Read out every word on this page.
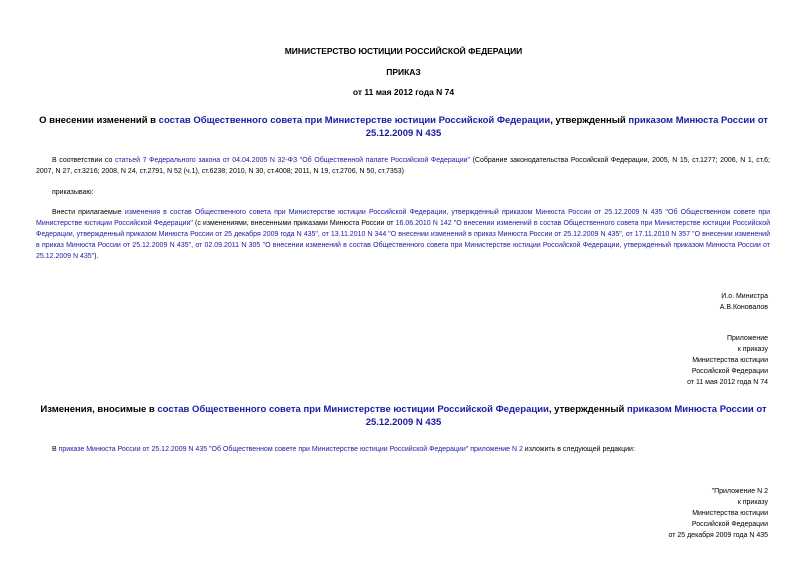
МИНИСТЕРСТВО ЮСТИЦИИ РОССИЙСКОЙ ФЕДЕРАЦИИ
ПРИКАЗ
от 11 мая 2012 года N 74
О внесении изменений в состав Общественного совета при Министерстве юстиции Российской Федерации, утвержденный приказом Минюста России от 25.12.2009 N 435
В соответствии со статьей 7 Федерального закона от 04.04.2005 N 32-ФЗ "Об Общественной палате Российской Федерации" (Собрание законодательства Российской Федерации, 2005, N 15, ст.1277; 2006, N 1, ст.6; 2007, N 27, ст.3216; 2008, N 24, ст.2791, N 52 (ч.1), ст.6238; 2010, N 30, ст.4008; 2011, N 19, ст.2706, N 50, ст.7353)
приказываю:
Внести прилагаемые изменения в состав Общественного совета при Министерстве юстиции Российской Федерации, утвержденный приказом Минюста России от 25.12.2009 N 435 "Об Общественном совете при Министерстве юстиции Российской Федерации" (с изменениями, внесенными приказами Минюста России от 16.06.2010 N 142 "О внесении изменений в состав Общественного совета при Министерстве юстиции Российской Федерации, утвержденный приказом Минюста России от 25 декабря 2009 года N 435", от 13.11.2010 N 344 "О внесении изменений в приказ Минюста России от 25.12.2009 N 435", от 17.11.2010 N 357 "О внесении изменений в приказ Минюста России от 25.12.2009 N 435", от 02.09.2011 N 305 "О внесении изменений в состав Общественного совета при Министерстве юстиции Российской Федерации, утвержденный приказом Минюста России от 25.12.2009 N 435").
И.о. Министра
А.В.Коновалов
Приложение
к приказу
Министерства юстиции
Российской Федерации
от 11 мая 2012 года N 74
Изменения, вносимые в состав Общественного совета при Министерстве юстиции Российской Федерации, утвержденный приказом Минюста России от 25.12.2009 N 435
В приказе Минюста России от 25.12.2009 N 435 "Об Общественном совете при Министерстве юстиции Российской Федерации" приложение N 2 изложить в следующей редакции:
"Приложение N 2
к приказу
Министерства юстиции
Российской Федерации
от 25 декабря 2009 года N 435
